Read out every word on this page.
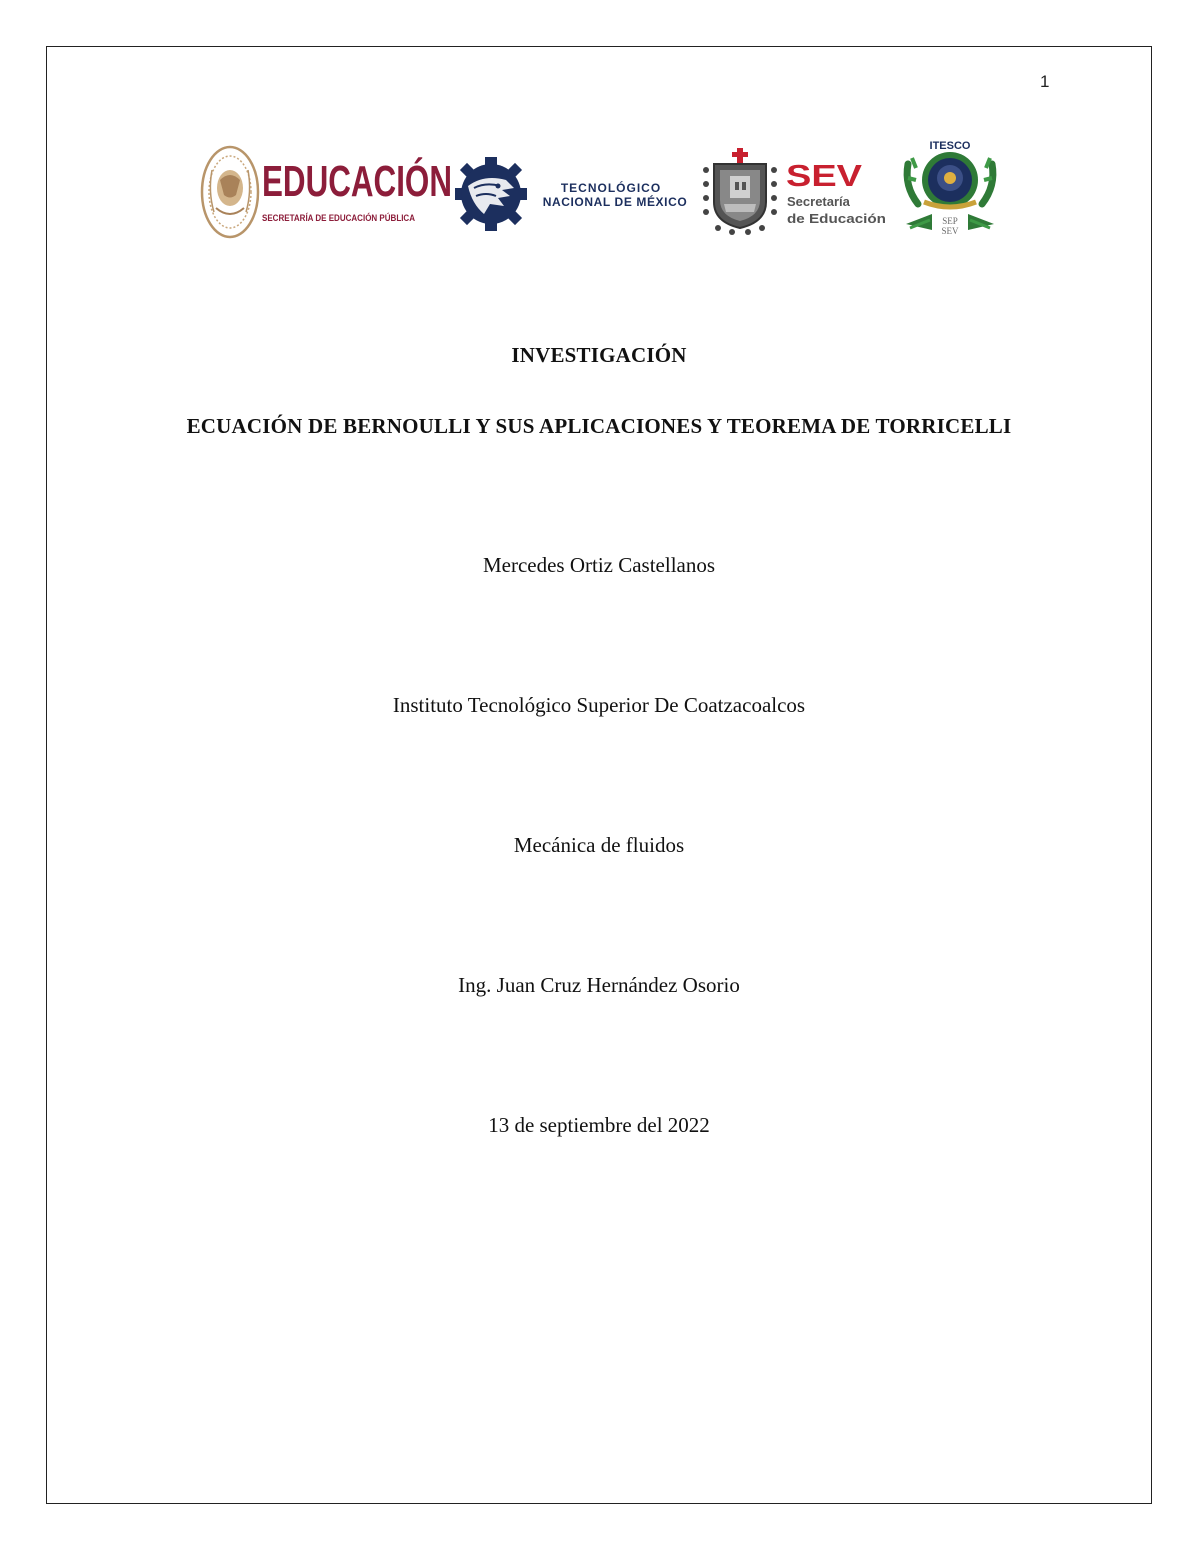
1
EDUCACIÓN
SECRETARÍA DE EDUCACIÓN PÚBLICA
TECNOLÓGICO
NACIONAL DE MÉXICO
SEV
Secretaría
de Educación
ITESCO
SEP
SEV
INVESTIGACIÓN
ECUACIÓN DE BERNOULLI Y SUS APLICACIONES Y TEOREMA DE TORRICELLI
Mercedes Ortiz Castellanos
Instituto Tecnológico Superior De Coatzacoalcos
Mecánica de fluidos
Ing. Juan Cruz Hernández Osorio
13 de septiembre del 2022
